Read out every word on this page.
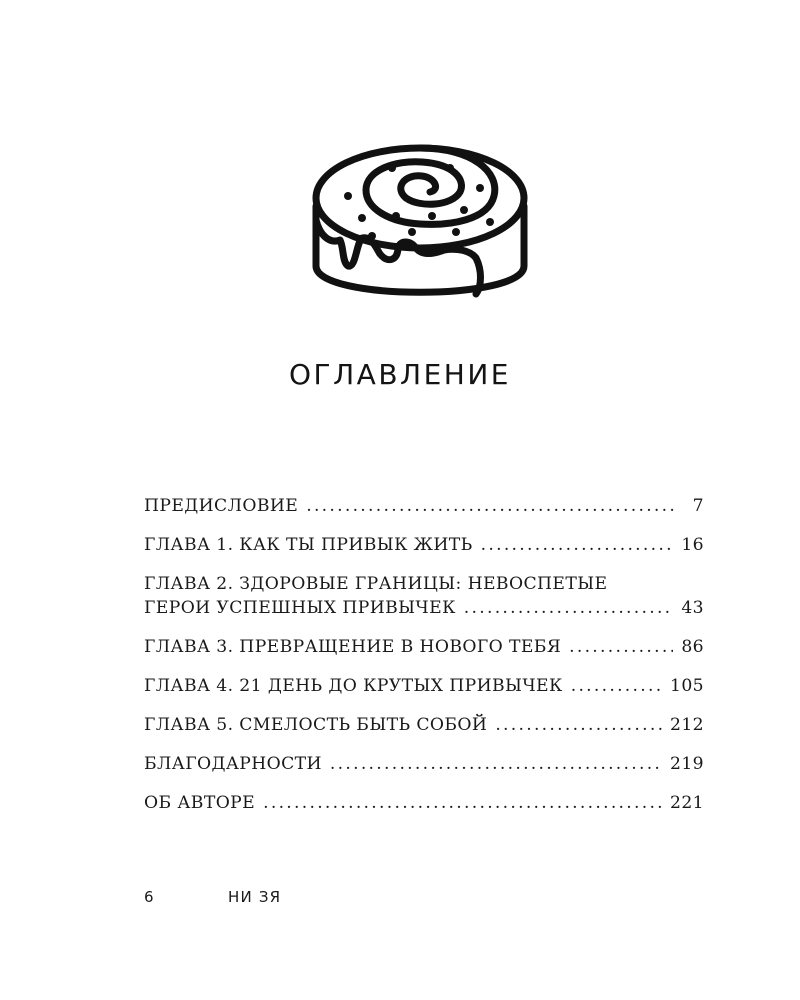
ОГЛАВЛЕНИЕ
ПРЕДИСЛОВИЕ . . .	7
ГЛАВА 1. КАК ТЫ ПРИВЫК ЖИТЬ . . .	16
ГЛАВА 2. ЗДОРОВЫЕ ГРАНИЦЫ: НЕВОСПЕТЫЕ
ГЕРОИ УСПЕШНЫХ ПРИВЫЧЕК . . .	43
ГЛАВА 3. ПРЕВРАЩЕНИЕ В НОВОГО ТЕБЯ . . .	86
ГЛАВА 4. 21 ДЕНЬ ДО КРУТЫХ ПРИВЫЧЕК . . .	105
ГЛАВА 5. СМЕЛОСТЬ БЫТЬ СОБОЙ . . .	212
БЛАГОДАРНОСТИ . . .	219
ОБ АВТОРЕ . . .	221
6	НИ ЗЯ
